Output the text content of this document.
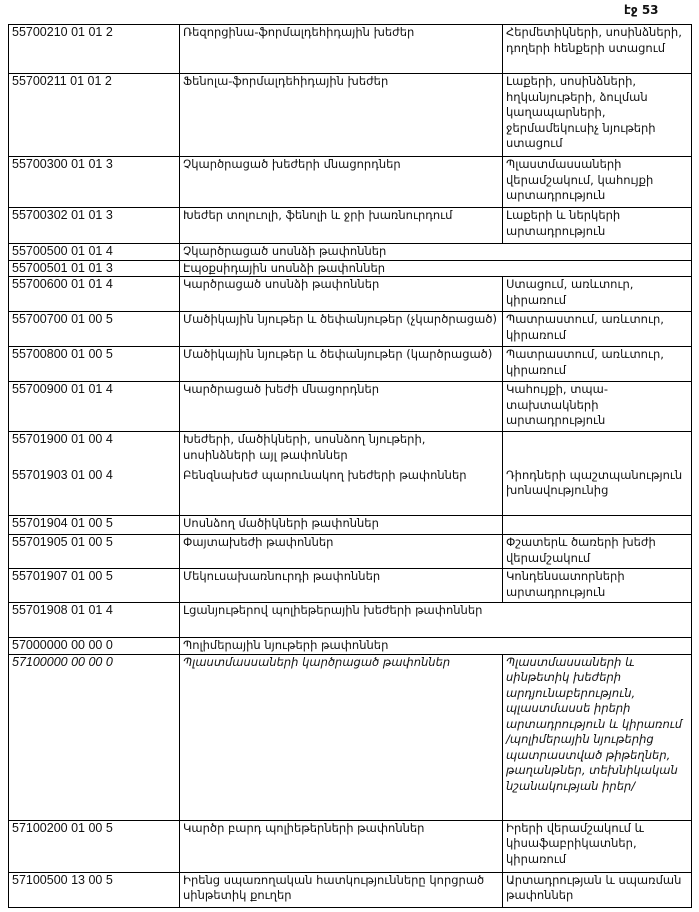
էջ 53
55700210 01 01 2	Ռեզորցինա-ֆորմալդեհիդային խեժեր	Հերմետիկների, սոսինձների, դողերի հենքերի ստացում
55700211 01 01 2	Ֆենոլա-ֆորմալդեհիդային խեժեր	Լաքերի, սոսինձների, հղկանյութերի, ձուլման կաղապարների, ջերմամեկուսիչ նյութերի ստացում
55700300 01 01 3	Չկարծրացած խեժերի մնացորդներ	Պլաստմասսաների վերամշակում, կահույքի արտադրություն
55700302 01 01 3	Խեժեր տոլուոլի, ֆենոլի և ջրի խառնուրդում	Լաքերի և ներկերի արտադրություն
55700500 01 01 4	Չկարծրացած սոսնձի թափոններ	
55700501 01 01 3	Էպօքսիդային սոսնձի թափոններ	
55700600 01 01 4	Կարծրացած սոսնձի թափոններ	Ստացում, առևտուր, կիրառում
55700700 01 00 5	Մածիկային նյութեր և ծեփանյութեր (չկարծրացած)	Պատրաստում, առևտուր, կիրառում
55700800 01 00 5	Մածիկային նյութեր և ծեփանյութեր (կարծրացած)	Պատրաստում, առևտուր, կիրառում
55700900 01 01 4	Կարծրացած խեժի մնացորդներ	Կահույքի, տպա-տախտակների արտադրություն
55701900 01 00 4	Խեժերի, մածիկների, սոսնձող նյութերի, սոսինձների այլ թափոններ	
55701903 01 00 4	Բենզնախեժ պարունակող խեժերի թափոններ	Դիոդների պաշտպանություն խոնավությունից
55701904 01 00 5	Սոսնձող մածիկների թափոններ	
55701905 01 00 5	Փայտախեժի թափոններ	Փշատերև ծառերի խեժի վերամշակում
55701907 01 00 5	Մեկուսախառնուրդի թափոններ	Կոնդենսատորների արտադրություն
55701908 01 01 4	Լցանյութերով պոլիեթերային խեժերի թափոններ	
57000000 00 00 0	Պոլիմերային նյութերի թափոններ	
57100000 00 00 0	Պլաստմասսաների կարծրացած թափոններ	Պլաստմասսաների և սինթետիկ խեժերի արդյունաբերություն, պլաստմասսե իրերի արտադրություն և կիրառում /պոլիմերային նյութերից պատրաստված թիթեղներ, թաղանթներ, տեխնիկական նշանակության իրեր/
57100200 01 00 5	Կարծր բարդ պոլիեթերների թափոններ	Իրերի վերամշակում և կիսաֆաբրիկատներ, կիրառում
57100500 13 00 5	Իրենց սպառողական հատկությունները կորցրած սինթետիկ քուղեր	Արտադրության և սպառման թափոններ
